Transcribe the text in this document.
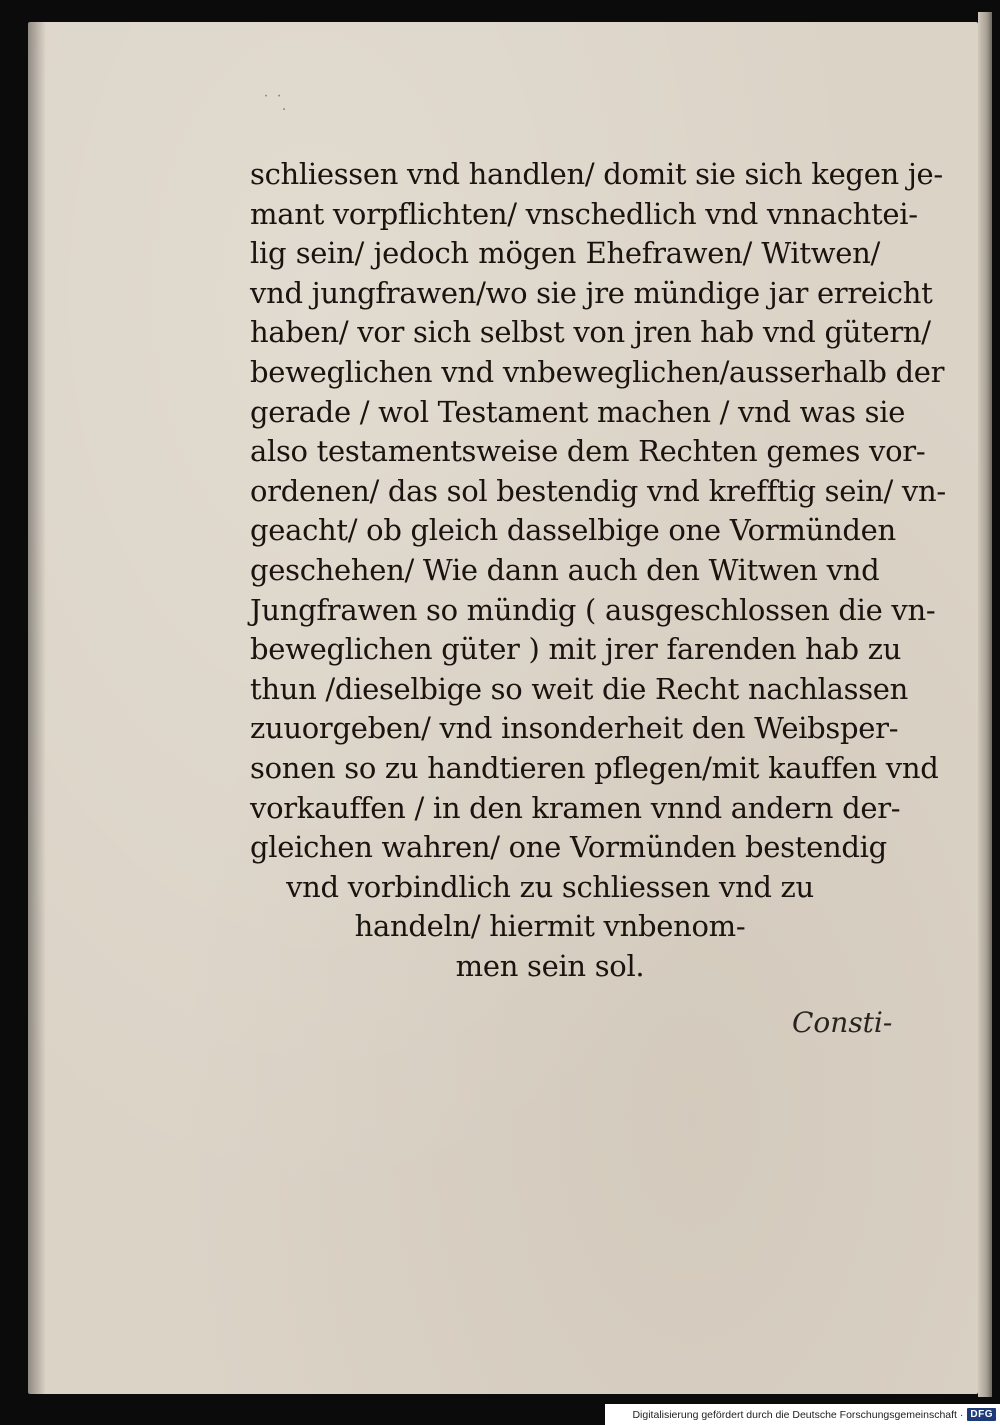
˙ ˙ ̣
schliessen vnd handlen/ domit sie sich kegen je‐
mant vorpflichten/ vnschedlich vnd vnnachtei‐
lig sein/ jedoch mögen Ehefrawen/ Witwen/
vnd jungfrawen/wo sie jre mündige jar erreicht
haben/ vor sich selbst von jren hab vnd gütern/
beweglichen vnd vnbeweglichen/ausserhalb der
gerade / wol Testament machen / vnd was sie
also testamentsweise dem Rechten gemes vor‐
ordenen/ das sol bestendig vnd krefftig sein/ vn‐
geacht/ ob gleich dasselbige one Vormünden
geschehen/ Wie dann auch den Witwen vnd
Jungfrawen so mündig ( ausgeschlossen die vn‐
beweglichen güter ) mit jrer farenden hab zu
thun /dieselbige so weit die Recht nachlassen
zuuorgeben/ vnd insonderheit den Weibsper‐
sonen so zu handtieren pflegen/mit kauffen vnd
vorkauffen / in den kramen vnnd andern der‐
gleichen wahren/ one Vormünden bestendig
vnd vorbindlich zu schliessen vnd zu
handeln/ hiermit vnbenom‐
men sein sol.
Consti‐
Digitalisierung gefördert durch die Deutsche Forschungsgemeinschaft · DFG
